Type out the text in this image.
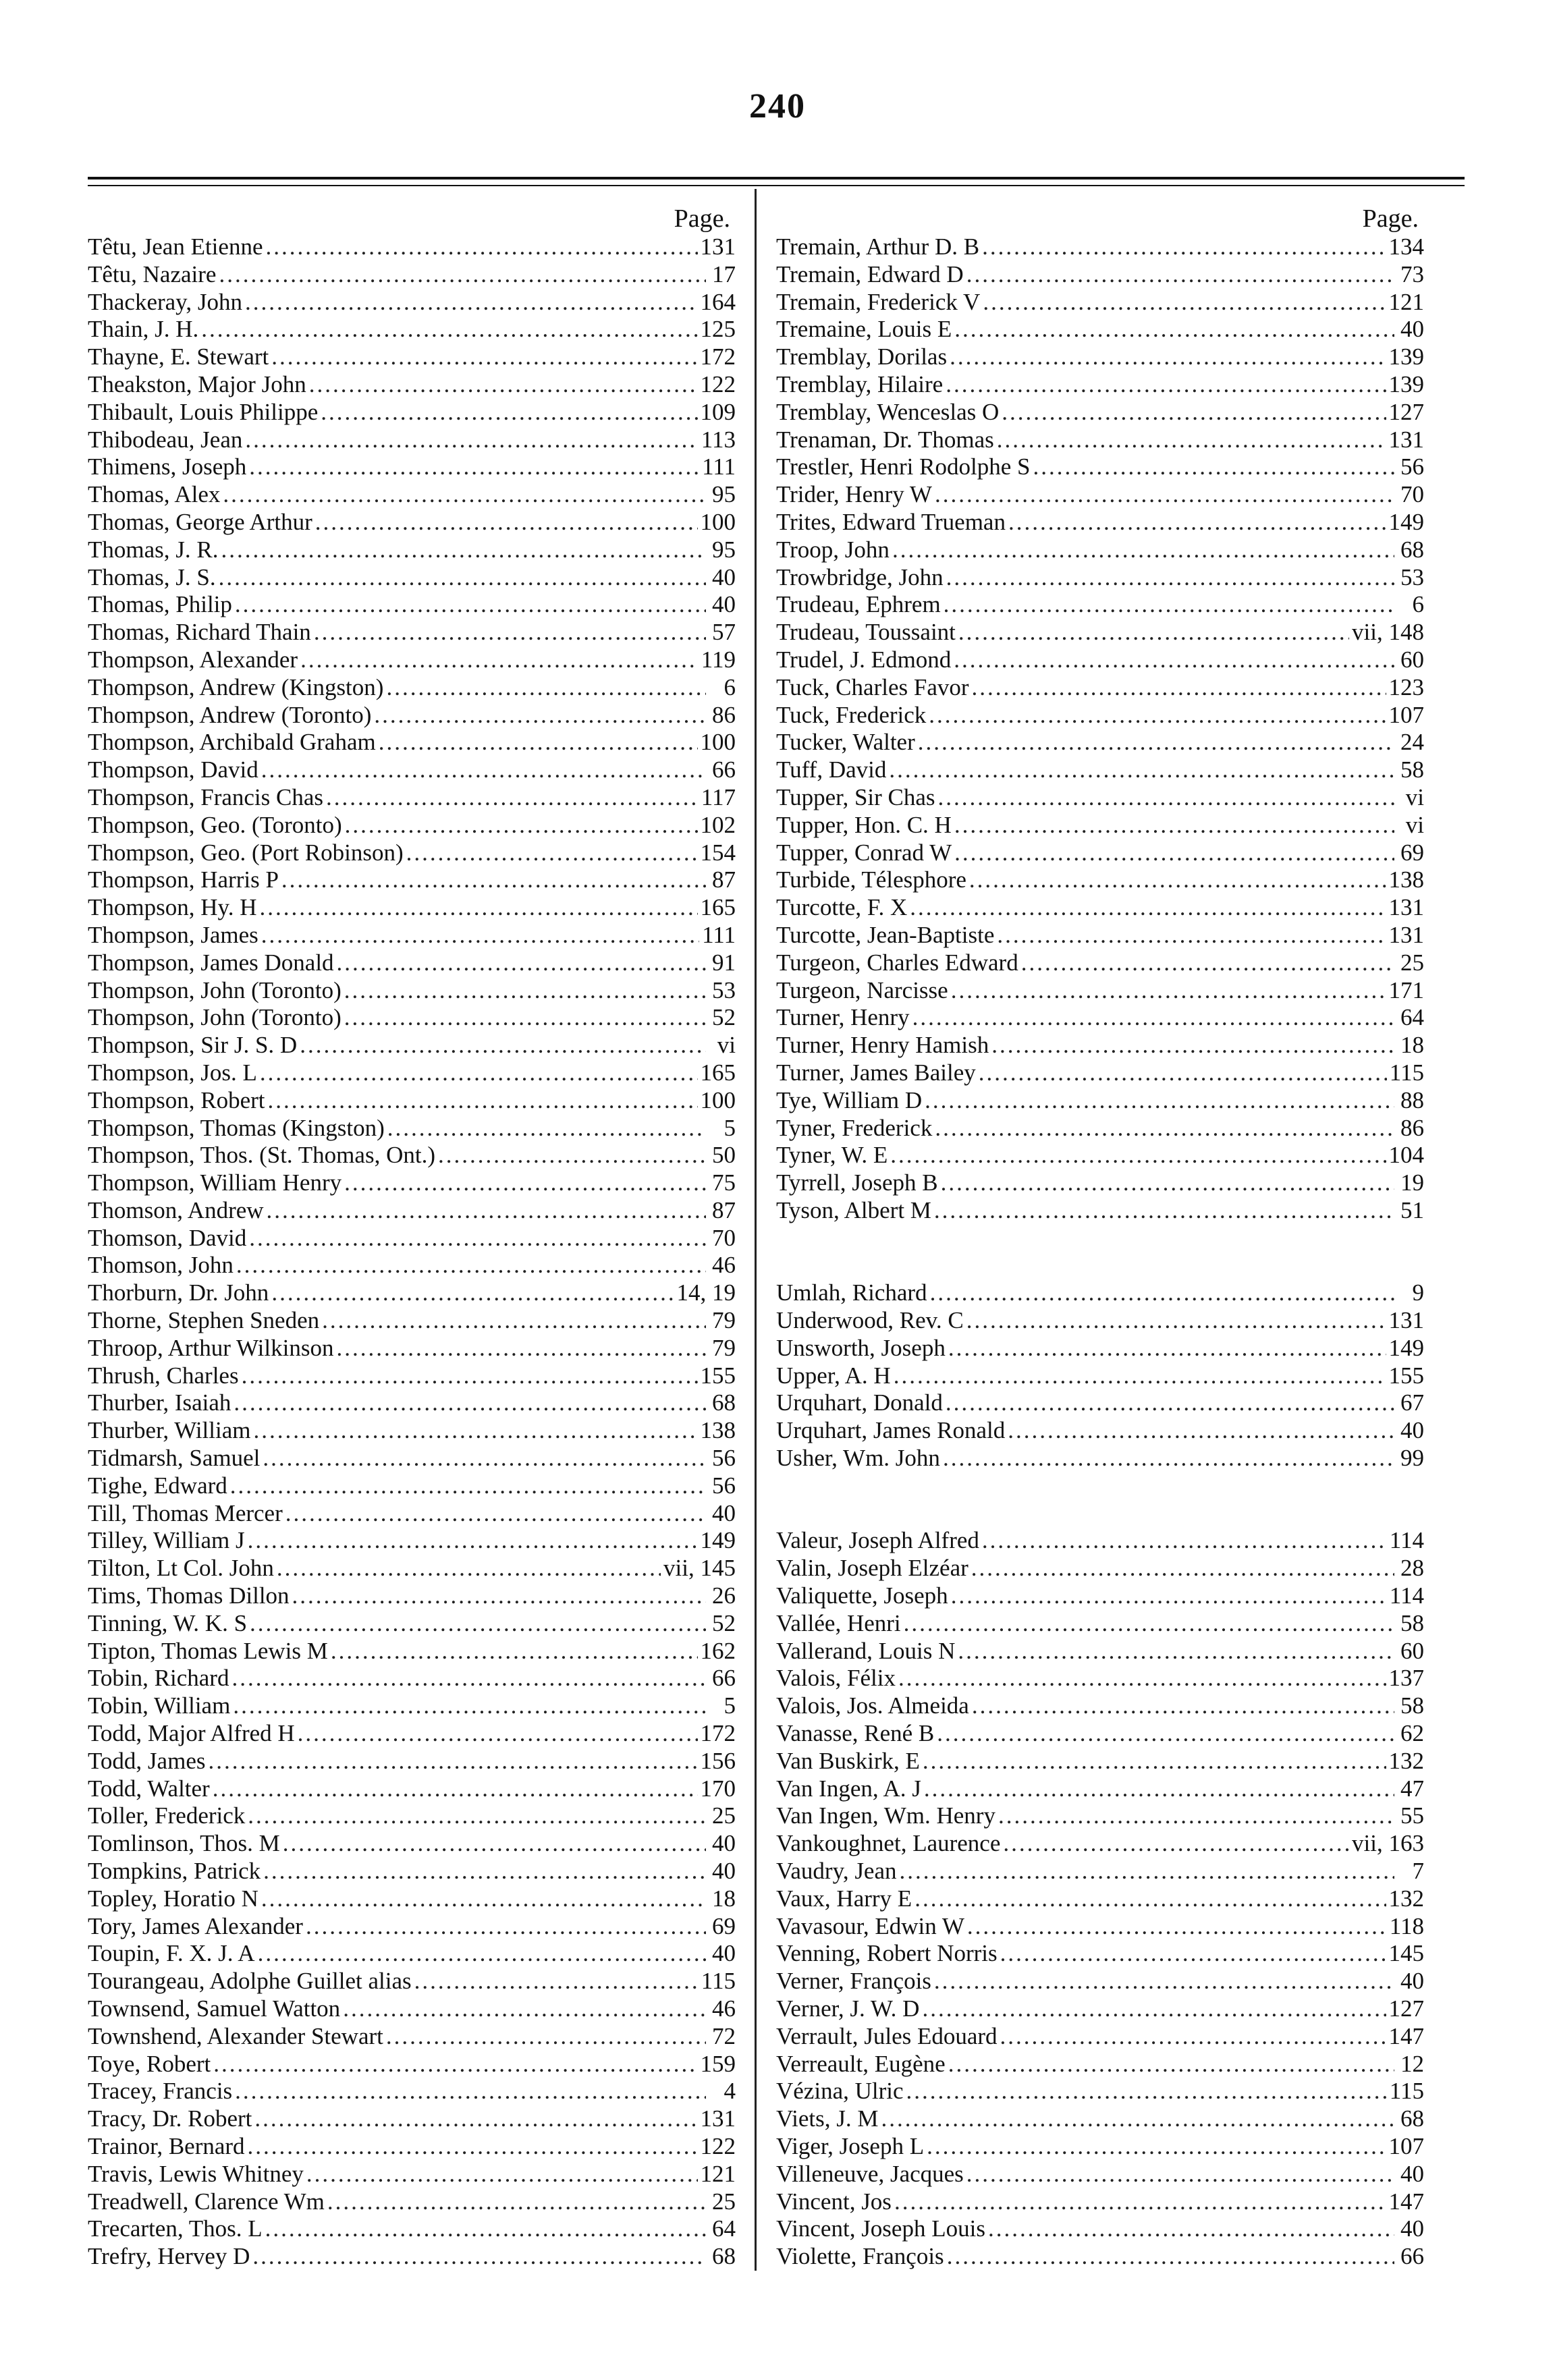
240
Page.
Têtu, Jean Etienne .....	131
Têtu, Nazaire .....	17
Thackeray, John .....	164
Thain, J. H. .....	125
Thayne, E. Stewart .....	172
Theakston, Major John .....	122
Thibault, Louis Philippe .....	109
Thibodeau, Jean .....	113
Thimens, Joseph .....	111
Thomas, Alex .....	95
Thomas, George Arthur .....	100
Thomas, J. R. .....	95
Thomas, J. S. .....	40
Thomas, Philip .....	40
Thomas, Richard Thain .....	57
Thompson, Alexander .....	119
Thompson, Andrew (Kingston) .....	6
Thompson, Andrew (Toronto) .....	86
Thompson, Archibald Graham .....	100
Thompson, David .....	66
Thompson, Francis Chas .....	117
Thompson, Geo. (Toronto) .....	102
Thompson, Geo. (Port Robinson) .....	154
Thompson, Harris P .....	87
Thompson, Hy. H .....	165
Thompson, James .....	111
Thompson, James Donald .....	91
Thompson, John (Toronto) .....	53
Thompson, John (Toronto) .....	52
Thompson, Sir J. S. D .....	vi
Thompson, Jos. L .....	165
Thompson, Robert .....	100
Thompson, Thomas (Kingston) .....	5
Thompson, Thos. (St. Thomas, Ont.) .....	50
Thompson, William Henry .....	75
Thomson, Andrew .....	87
Thomson, David .....	70
Thomson, John .....	46
Thorburn, Dr. John .....	14, 19
Thorne, Stephen Sneden .....	79
Throop, Arthur Wilkinson .....	79
Thrush, Charles .....	155
Thurber, Isaiah .....	68
Thurber, William .....	138
Tidmarsh, Samuel .....	56
Tighe, Edward .....	56
Till, Thomas Mercer .....	40
Tilley, William J .....	149
Tilton, Lt Col. John .....	vii, 145
Tims, Thomas Dillon .....	26
Tinning, W. K. S .....	52
Tipton, Thomas Lewis M .....	162
Tobin, Richard .....	66
Tobin, William .....	5
Todd, Major Alfred H .....	172
Todd, James .....	156
Todd, Walter .....	170
Toller, Frederick .....	25
Tomlinson, Thos. M .....	40
Tompkins, Patrick .....	40
Topley, Horatio N .....	18
Tory, James Alexander .....	69
Toupin, F. X. J. A .....	40
Tourangeau, Adolphe Guillet alias .....	115
Townsend, Samuel Watton .....	46
Townshend, Alexander Stewart .....	72
Toye, Robert .....	159
Tracey, Francis .....	4
Tracy, Dr. Robert .....	131
Trainor, Bernard .....	122
Travis, Lewis Whitney .....	121
Treadwell, Clarence Wm .....	25
Trecarten, Thos. L .....	64
Trefry, Hervey D .....	68
Page.
Tremain, Arthur D. B .....	134
Tremain, Edward D .....	73
Tremain, Frederick V .....	121
Tremaine, Louis E .....	40
Tremblay, Dorilas .....	139
Tremblay, Hilaire .....	139
Tremblay, Wenceslas O .....	127
Trenaman, Dr. Thomas .....	131
Trestler, Henri Rodolphe S .....	56
Trider, Henry W .....	70
Trites, Edward Trueman .....	149
Troop, John .....	68
Trowbridge, John .....	53
Trudeau, Ephrem .....	6
Trudeau, Toussaint .....	vii, 148
Trudel, J. Edmond .....	60
Tuck, Charles Favor .....	123
Tuck, Frederick .....	107
Tucker, Walter .....	24
Tuff, David .....	58
Tupper, Sir Chas .....	vi
Tupper, Hon. C. H .....	vi
Tupper, Conrad W .....	69
Turbide, Télesphore .....	138
Turcotte, F. X .....	131
Turcotte, Jean-Baptiste .....	131
Turgeon, Charles Edward .....	25
Turgeon, Narcisse .....	171
Turner, Henry .....	64
Turner, Henry Hamish .....	18
Turner, James Bailey .....	115
Tye, William D .....	88
Tyner, Frederick .....	86
Tyner, W. E .....	104
Tyrrell, Joseph B .....	19
Tyson, Albert M .....	51
Umlah, Richard .....	9
Underwood, Rev. C .....	131
Unsworth, Joseph .....	149
Upper, A. H .....	155
Urquhart, Donald .....	67
Urquhart, James Ronald .....	40
Usher, Wm. John .....	99
Valeur, Joseph Alfred .....	114
Valin, Joseph Elzéar .....	28
Valiquette, Joseph .....	114
Vallée, Henri .....	58
Vallerand, Louis N .....	60
Valois, Félix .....	137
Valois, Jos. Almeida .....	58
Vanasse, René B .....	62
Van Buskirk, E .....	132
Van Ingen, A. J .....	47
Van Ingen, Wm. Henry .....	55
Vankoughnet, Laurence .....	vii, 163
Vaudry, Jean .....	7
Vaux, Harry E .....	132
Vavasour, Edwin W .....	118
Venning, Robert Norris .....	145
Verner, François .....	40
Verner, J. W. D .....	127
Verrault, Jules Edouard .....	147
Verreault, Eugène .....	12
Vézina, Ulric .....	115
Viets, J. M .....	68
Viger, Joseph L .....	107
Villeneuve, Jacques .....	40
Vincent, Jos .....	147
Vincent, Joseph Louis .....	40
Violette, François .....	66
